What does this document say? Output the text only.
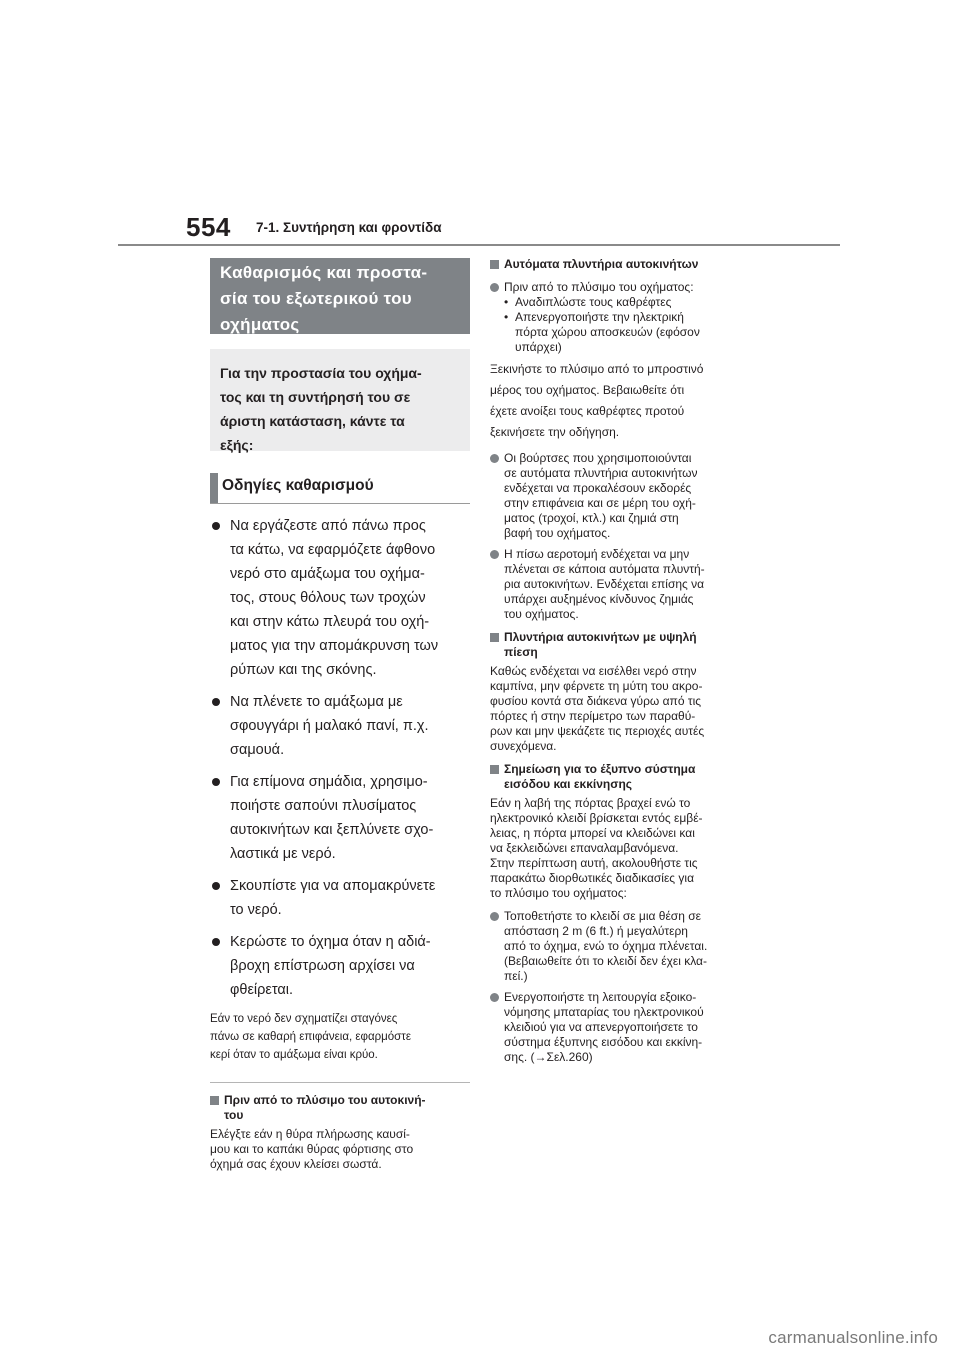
554 7-1. Συντήρηση και φροντίδα
Καθαρισμός και προστα-
σία του εξωτερικού του
οχήματος
Για την προστασία του οχήμα-
τος και τη συντήρησή του σε
άριστη κατάσταση, κάντε τα
εξής:
Οδηγίες καθαρισμού
Να εργάζεστε από πάνω προς
τα κάτω, να εφαρμόζετε άφθονο
νερό στο αμάξωμα του οχήμα-
τος, στους θόλους των τροχών
και στην κάτω πλευρά του οχή-
ματος για την απομάκρυνση των
ρύπων και της σκόνης.
Να πλένετε το αμάξωμα με
σφουγγάρι ή μαλακό πανί, π.χ.
σαμουά.
Για επίμονα σημάδια, χρησιμο-
ποιήστε σαπούνι πλυσίματος
αυτοκινήτων και ξεπλύνετε σχο-
λαστικά με νερό.
Σκουπίστε για να απομακρύνετε
το νερό.
Κερώστε το όχημα όταν η αδιά-
βροχη επίστρωση αρχίσει να
φθείρεται.
Εάν το νερό δεν σχηματίζει σταγόνες
πάνω σε καθαρή επιφάνεια, εφαρμόστε
κερί όταν το αμάξωμα είναι κρύο.
Πριν από το πλύσιμο του αυτοκινή-
του
Ελέγξτε εάν η θύρα πλήρωσης καυσί-
μου και το καπάκι θύρας φόρτισης στο
όχημά σας έχουν κλείσει σωστά.
Αυτόματα πλυντήρια αυτοκινήτων
Πριν από το πλύσιμο του οχήματος:
• Αναδιπλώστε τους καθρέφτες
• Απενεργοποιήστε την ηλεκτρική
πόρτα χώρου αποσκευών (εφόσον
υπάρχει)
Ξεκινήστε το πλύσιμο από το μπροστινό
μέρος του οχήματος. Βεβαιωθείτε ότι
έχετε ανοίξει τους καθρέφτες προτού
ξεκινήσετε την οδήγηση.
Οι βούρτσες που χρησιμοποιούνται
σε αυτόματα πλυντήρια αυτοκινήτων
ενδέχεται να προκαλέσουν εκδορές
στην επιφάνεια και σε μέρη του οχή-
ματος (τροχοί, κτλ.) και ζημιά στη
βαφή του οχήματος.
Η πίσω αεροτομή ενδέχεται να μην
πλένεται σε κάποια αυτόματα πλυντή-
ρια αυτοκινήτων. Ενδέχεται επίσης να
υπάρχει αυξημένος κίνδυνος ζημιάς
του οχήματος.
Πλυντήρια αυτοκινήτων με υψηλή
πίεση
Καθώς ενδέχεται να εισέλθει νερό στην
καμπίνα, μην φέρνετε τη μύτη του ακρο-
φυσίου κοντά στα διάκενα γύρω από τις
πόρτες ή στην περίμετρο των παραθύ-
ρων και μην ψεκάζετε τις περιοχές αυτές
συνεχόμενα.
Σημείωση για το έξυπνο σύστημα
εισόδου και εκκίνησης
Εάν η λαβή της πόρτας βραχεί ενώ το
ηλεκτρονικό κλειδί βρίσκεται εντός εμβέ-
λειας, η πόρτα μπορεί να κλειδώνει και
να ξεκλειδώνει επαναλαμβανόμενα.
Στην περίπτωση αυτή, ακολουθήστε τις
παρακάτω διορθωτικές διαδικασίες για
το πλύσιμο του οχήματος:
Τοποθετήστε το κλειδί σε μια θέση σε
απόσταση 2 m (6 ft.) ή μεγαλύτερη
από το όχημα, ενώ το όχημα πλένεται.
(Βεβαιωθείτε ότι το κλειδί δεν έχει κλα-
πεί.)
Ενεργοποιήστε τη λειτουργία εξοικο-
νόμησης μπαταρίας του ηλεκτρονικού
κλειδιού για να απενεργοποιήσετε το
σύστημα έξυπνης εισόδου και εκκίνη-
σης. (→Σελ.260)
carmanualsonline.info
